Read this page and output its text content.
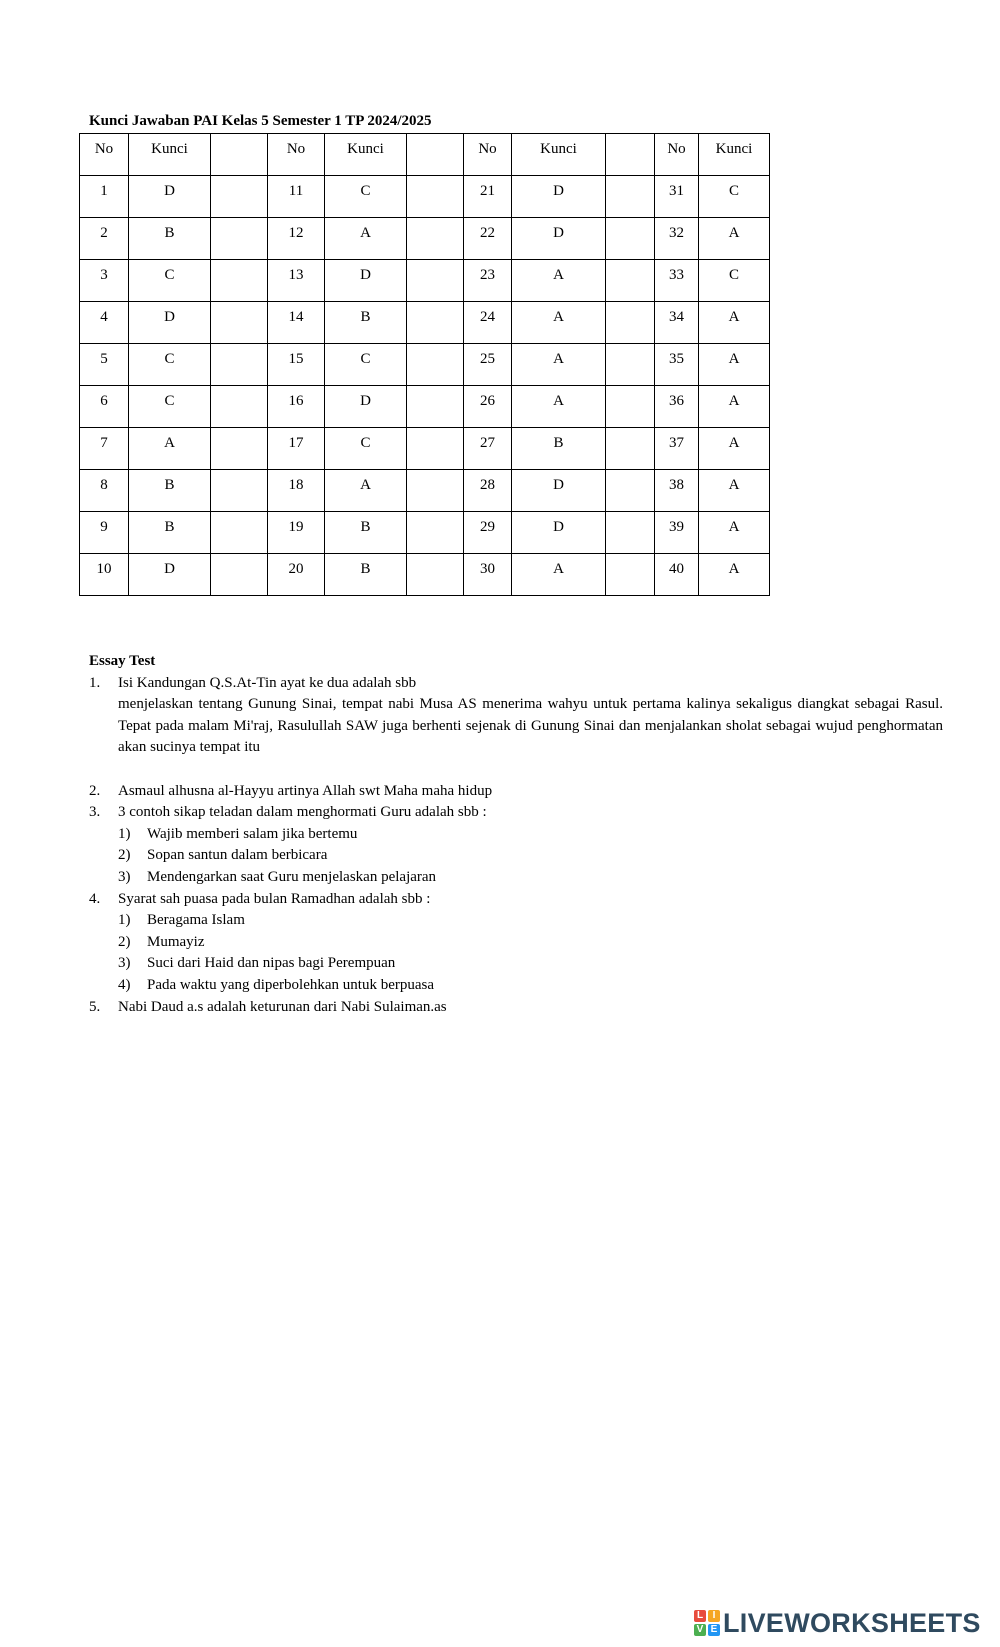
Kunci Jawaban PAI Kelas 5 Semester 1 TP 2024/2025
No	Kunci		No	Kunci		No	Kunci		No	Kunci
1	D		11	C		21	D		31	C
2	B		12	A		22	D		32	A
3	C		13	D		23	A		33	C
4	D		14	B		24	A		34	A
5	C		15	C		25	A		35	A
6	C		16	D		26	A		36	A
7	A		17	C		27	B		37	A
8	B		18	A		28	D		38	A
9	B		19	B		29	D		39	A
10	D		20	B		30	A		40	A
Essay Test
1. Isi Kandungan Q.S.At-Tin ayat ke dua adalah sbb
menjelaskan tentang Gunung Sinai, tempat nabi Musa AS menerima wahyu untuk pertama kalinya sekaligus diangkat sebagai Rasul. Tepat pada malam Mi'raj, Rasulullah SAW juga berhenti sejenak di Gunung Sinai dan menjalankan sholat sebagai wujud penghormatan akan sucinya tempat itu
2. Asmaul alhusna al-Hayyu artinya Allah swt Maha maha hidup
3. 3 contoh sikap teladan dalam menghormati Guru adalah sbb :
1) Wajib memberi salam jika bertemu
2) Sopan santun dalam berbicara
3) Mendengarkan saat Guru menjelaskan pelajaran
4. Syarat sah puasa pada bulan Ramadhan adalah sbb :
1) Beragama Islam
2) Mumayiz
3) Suci dari Haid dan nipas bagi Perempuan
4) Pada waktu yang diperbolehkan untuk berpuasa
5. Nabi Daud a.s adalah keturunan dari Nabi Sulaiman.as
L I
V E LIVEWORKSHEETS
